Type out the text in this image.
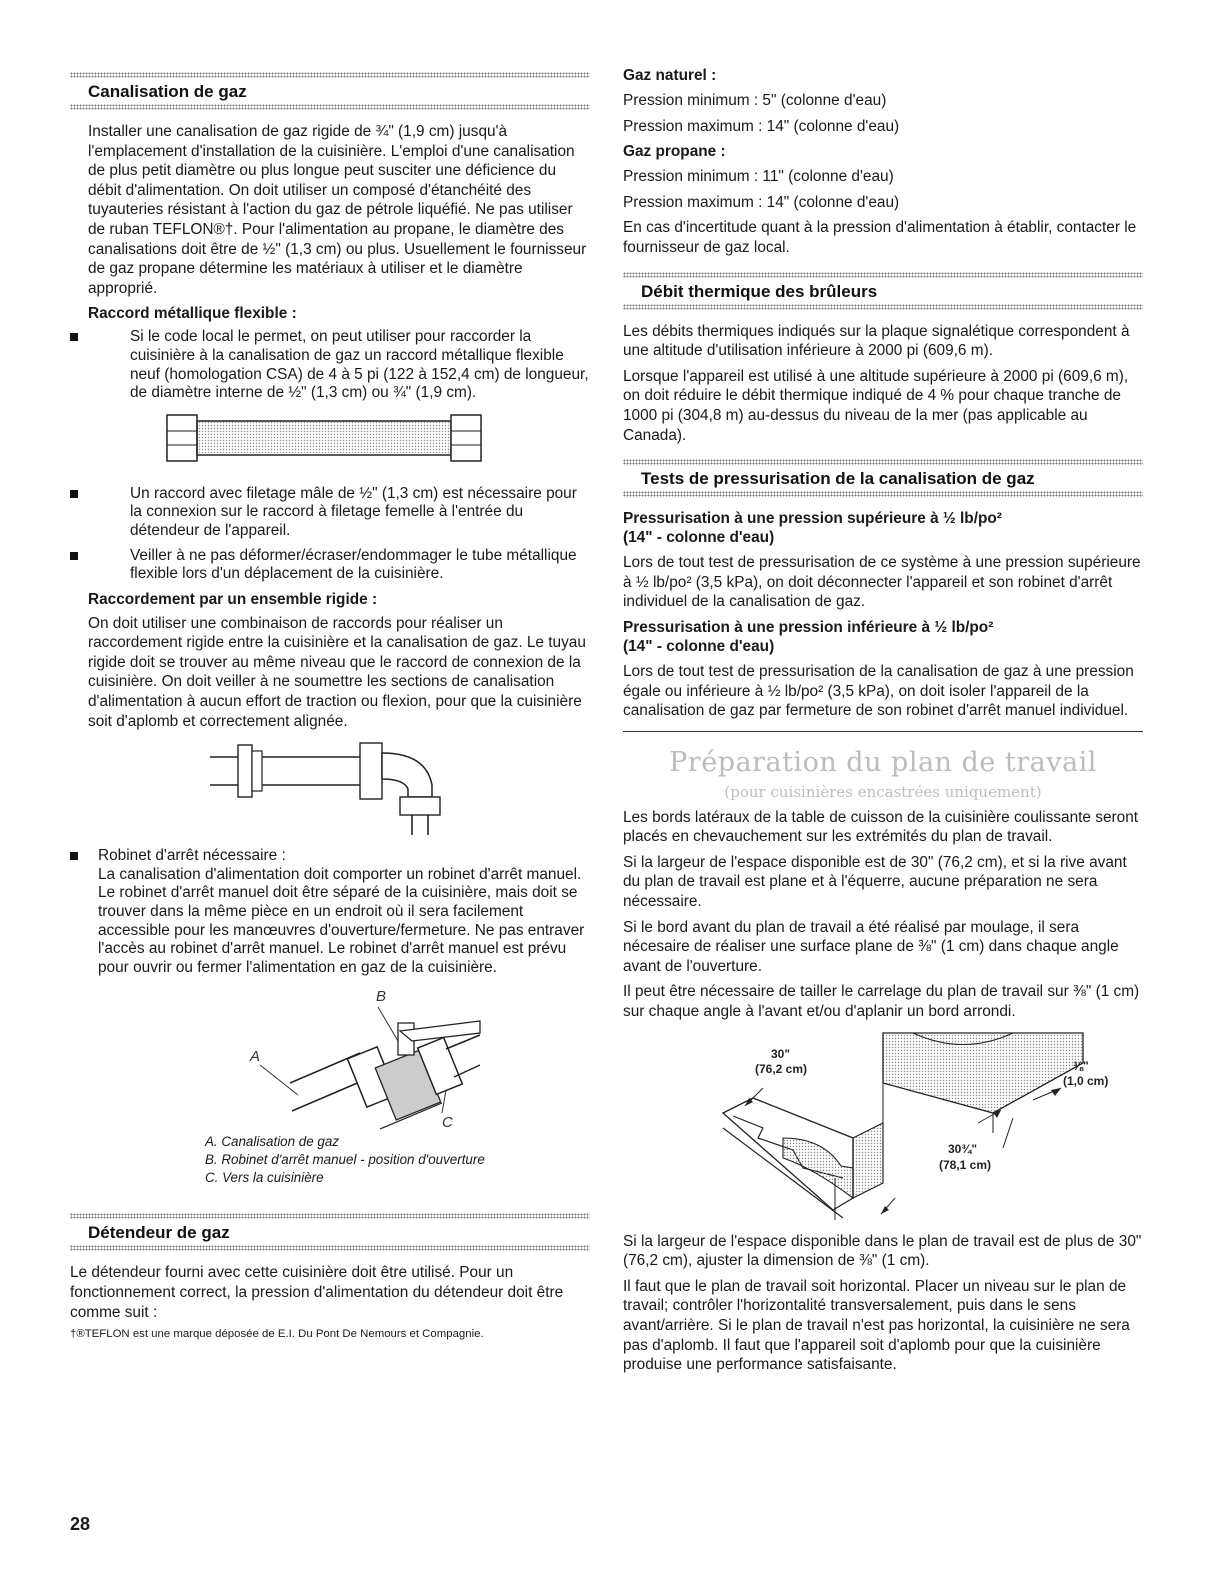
Canalisation de gaz

Installer une canalisation de gaz rigide de ¾" (1,9 cm) jusqu'à l'emplacement d'installation de la cuisinière. L'emploi d'une canalisation de plus petit diamètre ou plus longue peut susciter une déficience du débit d'alimentation. On doit utiliser un composé d'étanchéité des tuyauteries résistant à l'action du gaz de pétrole liquéfié. Ne pas utiliser de ruban TEFLON®†. Pour l'alimentation au propane, le diamètre des canalisations doit être de ½" (1,3 cm) ou plus. Usuellement le fournisseur de gaz propane détermine les matériaux à utiliser et le diamètre approprié.

Raccord métallique flexible :
Si le code local le permet, on peut utiliser pour raccorder la cuisinière à la canalisation de gaz un raccord métallique flexible neuf (homologation CSA) de 4 à 5 pi (122 à 152,4 cm) de longueur, de diamètre interne de ½" (1,3 cm) ou ¾" (1,9 cm).
Un raccord avec filetage mâle de ½" (1,3 cm) est nécessaire pour la connexion sur le raccord à filetage femelle à l'entrée du détendeur de l'appareil.
Veiller à ne pas déformer/écraser/endommager le tube métallique flexible lors d'un déplacement de la cuisinière.
Raccordement par un ensemble rigide :

On doit utiliser une combinaison de raccords pour réaliser un raccordement rigide entre la cuisinière et la canalisation de gaz. Le tuyau rigide doit se trouver au même niveau que le raccord de connexion de la cuisinière. On doit veiller à ne soumettre les sections de canalisation d'alimentation à aucun effort de traction ou flexion, pour que la cuisinière soit d'aplomb et correctement alignée.

Robinet d'arrêt nécessaire :
La canalisation d'alimentation doit comporter un robinet d'arrêt manuel. Le robinet d'arrêt manuel doit être séparé de la cuisinière, mais doit se trouver dans la même pièce en un endroit où il sera facilement accessible pour les manœuvres d'ouverture/fermeture. Ne pas entraver l'accès au robinet d'arrêt manuel. Le robinet d'arrêt manuel est prévu pour ouvrir ou fermer l'alimentation en gaz de la cuisinière.
B
A
C
A. Canalisation de gaz
B. Robinet d'arrêt manuel - position d'ouverture
C. Vers la cuisinière
Détendeur de gaz

Le détendeur fourni avec cette cuisinière doit être utilisé. Pour un fonctionnement correct, la pression d'alimentation du détendeur doit être comme suit :

†®TEFLON est une marque déposée de E.I. Du Pont De Nemours et Compagnie.
28
Gaz naturel :

Pression minimum : 5" (colonne d'eau)

Pression maximum : 14" (colonne d'eau)

Gaz propane :

Pression minimum : 11" (colonne d'eau)

Pression maximum : 14" (colonne d'eau)

En cas d'incertitude quant à la pression d'alimentation à établir, contacter le fournisseur de gaz local.

Débit thermique des brûleurs

Les débits thermiques indiqués sur la plaque signalétique correspondent à une altitude d'utilisation inférieure à 2000 pi (609,6 m).

Lorsque l'appareil est utilisé à une altitude supérieure à 2000 pi (609,6 m), on doit réduire le débit thermique indiqué de 4 % pour chaque tranche de 1000 pi (304,8 m) au-dessus du niveau de la mer (pas applicable au Canada).

Tests de pressurisation de la canalisation de gaz
Pressurisation à une pression supérieure à ½ lb/po²
(14" - colonne d'eau)

Lors de tout test de pressurisation de ce système à une pression supérieure à ½ lb/po² (3,5 kPa), on doit déconnecter l'appareil et son robinet d'arrêt individuel de la canalisation de gaz.

Pressurisation à une pression inférieure à ½ lb/po²
(14" - colonne d'eau)

Lors de tout test de pressurisation de la canalisation de gaz à une pression égale ou inférieure à ½ lb/po² (3,5 kPa), on doit isoler l'appareil de la canalisation de gaz par fermeture de son robinet d'arrêt manuel individuel.

Préparation du plan de travail
(pour cuisinières encastrées uniquement)

Les bords latéraux de la table de cuisson de la cuisinière coulissante seront placés en chevauchement sur les extrémités du plan de travail.

Si la largeur de l'espace disponible est de 30" (76,2 cm), et si la rive avant du plan de travail est plane et à l'équerre, aucune préparation ne sera nécessaire.

Si le bord avant du plan de travail a été réalisé par moulage, il sera nécesaire de réaliser une surface plane de ⅜" (1 cm) dans chaque angle avant de l'ouverture.

Il peut être nécessaire de tailler le carrelage du plan de travail sur ⅜" (1 cm) sur chaque angle à l'avant et/ou d'aplanir un bord arrondi.

30"
(76,2 cm)	⅜"
(1,0 cm)
30¾"
(78,1 cm)

Si la largeur de l'espace disponible dans le plan de travail est de plus de 30" (76,2 cm), ajuster la dimension de ⅜" (1 cm).

Il faut que le plan de travail soit horizontal. Placer un niveau sur le plan de travail; contrôler l'horizontalité transversalement, puis dans le sens avant/arrière. Si le plan de travail n'est pas horizontal, la cuisinière ne sera pas d'aplomb. Il faut que l'appareil soit d'aplomb pour que la cuisinière produise une performance satisfaisante.
